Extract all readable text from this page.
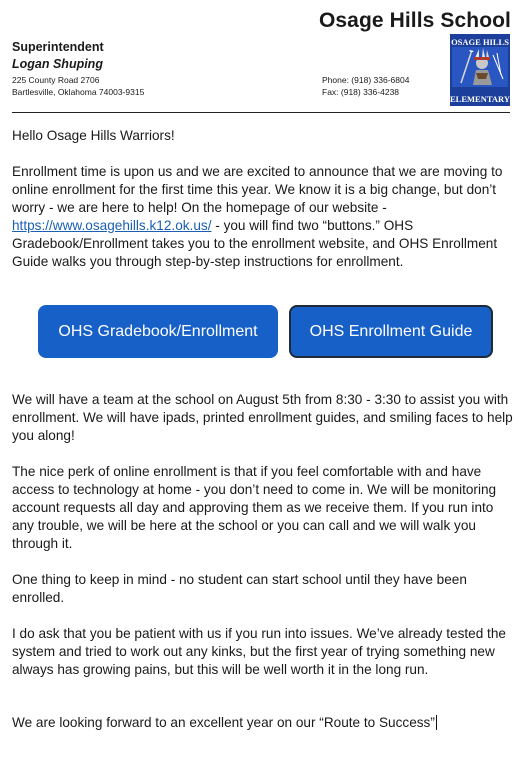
Osage Hills School
Superintendent
Logan Shuping
225 County Road 2706
Bartlesville, Oklahoma 74003-9315
Phone: (918) 336-6804
Fax: (918) 336-4238
OSAGE HILLS
ELEMENTARY

Hello Osage Hills Warriors!

Enrollment time is upon us and we are excited to announce that we are moving to online enrollment for the first time this year. We know it is a big change, but don’t worry - we are here to help! On the homepage of our website - https://www.osagehills.k12.ok.us/ - you will find two “buttons.” OHS Gradebook/Enrollment takes you to the enrollment website, and OHS Enrollment Guide walks you through step-by-step instructions for enrollment.

OHS Gradebook/Enrollment	OHS Enrollment Guide

We will have a team at the school on August 5th from 8:30 - 3:30 to assist you with enrollment. We will have ipads, printed enrollment guides, and smiling faces to help you along!

The nice perk of online enrollment is that if you feel comfortable with and have access to technology at home - you don’t need to come in. We will be monitoring account requests all day and approving them as we receive them. If you run into any trouble, we will be here at the school or you can call and we will walk you through it.

One thing to keep in mind - no student can start school until they have been enrolled.

I do ask that you be patient with us if you run into issues. We’ve already tested the system and tried to work out any kinks, but the first year of trying something new always has growing pains, but this will be well worth it in the long run.

We are looking forward to an excellent year on our “Route to Success”
